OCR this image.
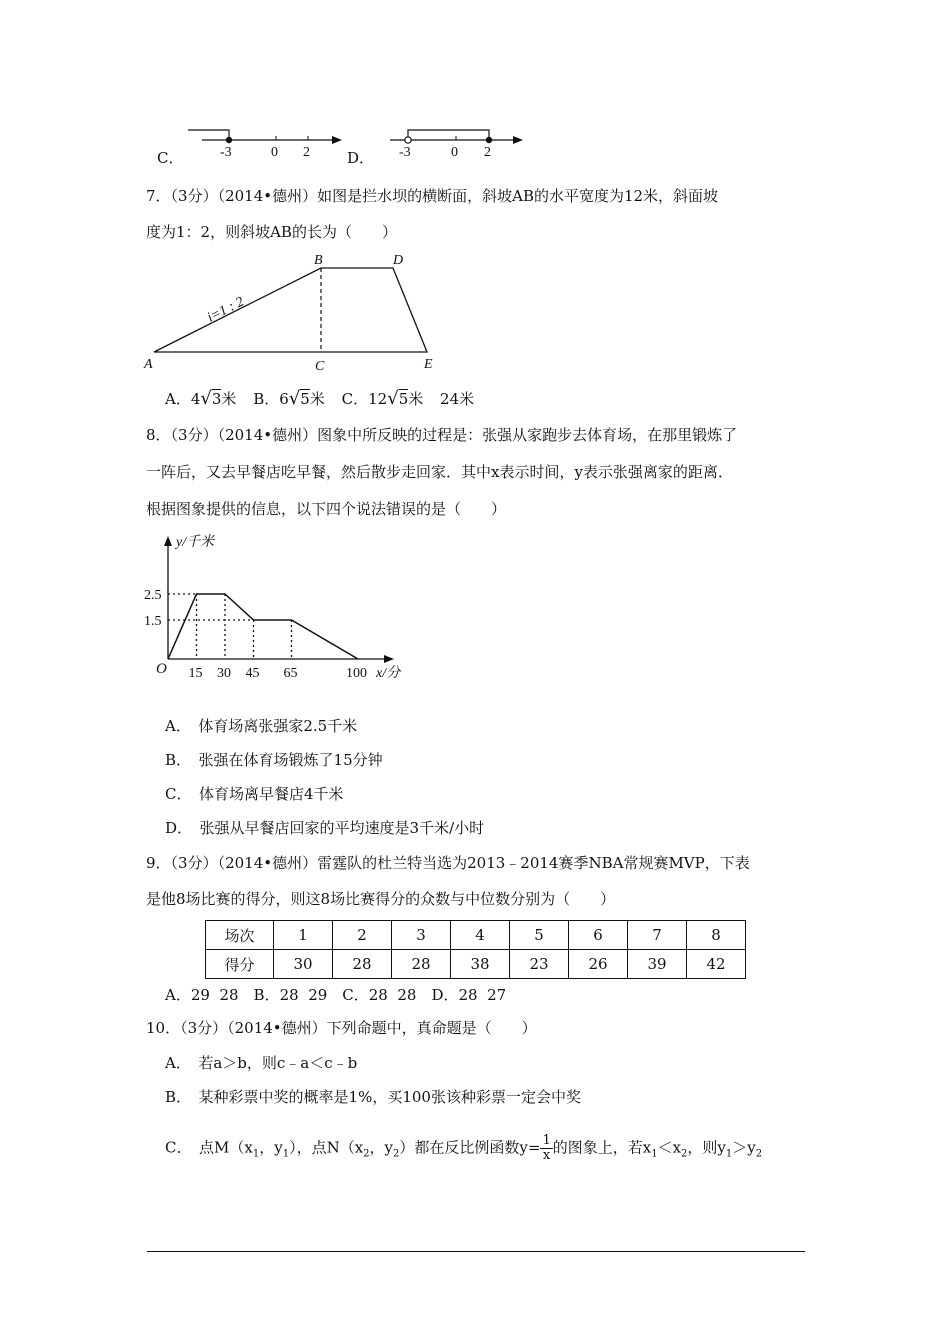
C．	-3	0 2 D． -3	0 2
7．（3分）（2014•德州）如图是拦水坝的横断面，斜坡AB的水平宽度为12米，斜面坡
度为1：2，则斜坡AB的长为（　　）
i=1 : 2
A
B
C
D
E
A．4√3米 B．6√5米 C．12√5米 24米
8．（3分）（2014•德州）图象中所反映的过程是：张强从家跑步去体育场，在那里锻炼了
一阵后，又去早餐店吃早餐，然后散步走回家．其中x表示时间，y表示张强离家的距离．
根据图象提供的信息，以下四个说法错误的是（　　）
15 30 45 65	100
2.5
1.5
O	x/分
y/千米
A．　体育场离张强家2.5千米
B．　张强在体育场锻炼了15分钟
C．　体育场离早餐店4千米
D．　张强从早餐店回家的平均速度是3千米/小时
9．（3分）（2014•德州）雷霆队的杜兰特当选为2013﹣2014赛季NBA常规赛MVP，下表
是他8场比赛的得分，则这8场比赛得分的众数与中位数分别为（　　）
场次	1	2	3	4	5	6	7	8
得分	30	28	28	38	23	26	39	42
A．29  28　B．28  29　C．28  28　D．28  27
10．（3分）（2014•德州）下列命题中，真命题是（　　）
A．　若a＞b，则c﹣a＜c﹣b
B．　某种彩票中奖的概率是1%，买100张该种彩票一定会中奖
C．　 点$M(x_1$，$y_1$），点$N(x_2$，$y_2$）都在反比例函数$y= \frac{1}{x}$ 的图象上，若$x_1<x_2$，则$y_1>y_2$
